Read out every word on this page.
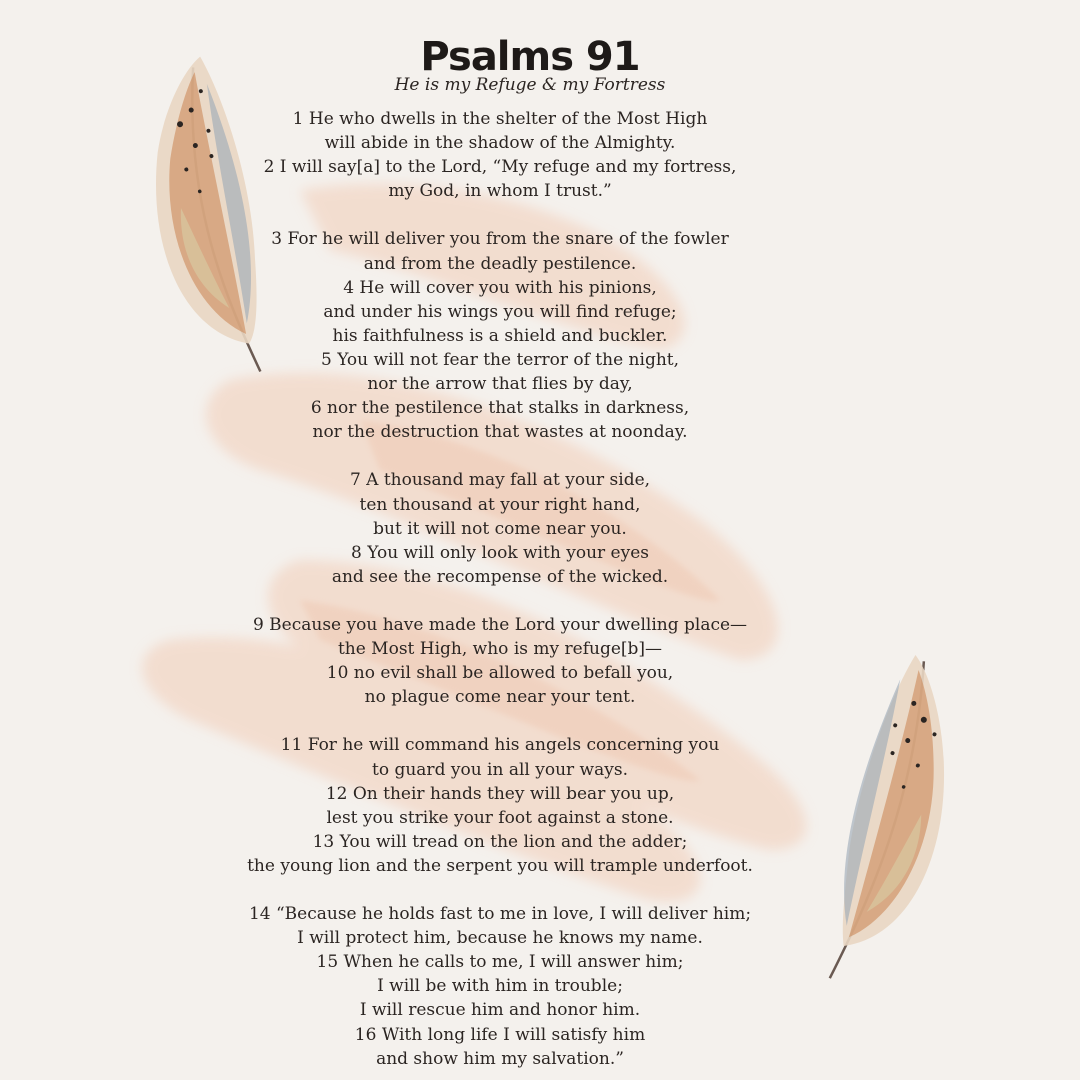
Psalms 91
He is my Refuge & my Fortress
1 He who dwells in the shelter of the Most High
will abide in the shadow of the Almighty.
2 I will say[a] to the Lord, “My refuge and my fortress,
my God, in whom I trust.”
3 For he will deliver you from the snare of the fowler
and from the deadly pestilence.
4 He will cover you with his pinions,
and under his wings you will find refuge;
his faithfulness is a shield and buckler.
5 You will not fear the terror of the night,
nor the arrow that flies by day,
6 nor the pestilence that stalks in darkness,
nor the destruction that wastes at noonday.
7 A thousand may fall at your side,
ten thousand at your right hand,
but it will not come near you.
8 You will only look with your eyes
and see the recompense of the wicked.
9 Because you have made the Lord your dwelling place—
the Most High, who is my refuge[b]—
10 no evil shall be allowed to befall you,
no plague come near your tent.
11 For he will command his angels concerning you
to guard you in all your ways.
12 On their hands they will bear you up,
lest you strike your foot against a stone.
13 You will tread on the lion and the adder;
the young lion and the serpent you will trample underfoot.
14 “Because he holds fast to me in love, I will deliver him;
I will protect him, because he knows my name.
15 When he calls to me, I will answer him;
I will be with him in trouble;
I will rescue him and honor him.
16 With long life I will satisfy him
and show him my salvation.”
